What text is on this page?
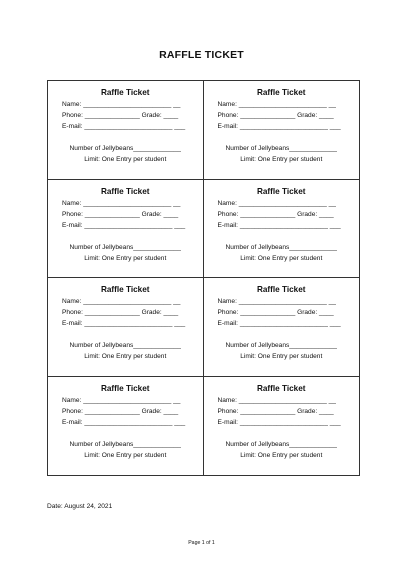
RAFFLE TICKET
Raffle Ticket
Name: ________________________ __
Phone: _______________ Grade: ____
E-mail: ________________________ ___
Number of Jellybeans_____________
Limit: One Entry per student
Raffle Ticket
Name: ________________________ __
Phone: _______________ Grade: ____
E-mail: ________________________ ___
Number of Jellybeans_____________
Limit: One Entry per student
Raffle Ticket
Name: ________________________ __
Phone: _______________ Grade: ____
E-mail: ________________________ ___
Number of Jellybeans_____________
Limit: One Entry per student
Raffle Ticket
Name: ________________________ __
Phone: _______________ Grade: ____
E-mail: ________________________ ___
Number of Jellybeans_____________
Limit: One Entry per student
Raffle Ticket
Name: ________________________ __
Phone: _______________ Grade: ____
E-mail: ________________________ ___
Number of Jellybeans_____________
Limit: One Entry per student
Raffle Ticket
Name: ________________________ __
Phone: _______________ Grade: ____
E-mail: ________________________ ___
Number of Jellybeans_____________
Limit: One Entry per student
Raffle Ticket
Name: ________________________ __
Phone: _______________ Grade: ____
E-mail: ________________________ ___
Number of Jellybeans_____________
Limit: One Entry per student
Raffle Ticket
Name: ________________________ __
Phone: _______________ Grade: ____
E-mail: ________________________ ___
Number of Jellybeans_____________
Limit: One Entry per student
Date: August 24, 2021
Page 1 of 1
